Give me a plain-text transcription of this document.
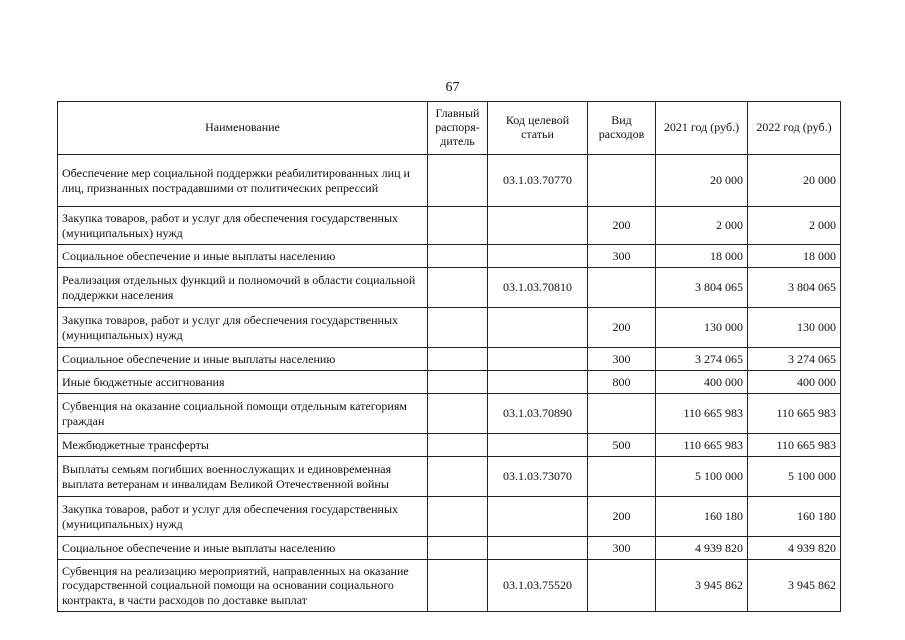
67
Наименование	Главный распоря-дитель	Код целевой статьи	Вид расходов	2021 год (руб.)	2022 год (руб.)
Обеспечение мер социальной поддержки реабилитированных лиц и лиц, признанных пострадавшими от политических репрессий		03.1.03.70770		20 000	20 000
Закупка товаров, работ и услуг для обеспечения государственных (муниципальных) нужд			200	2 000	2 000
Социальное обеспечение и иные выплаты населению			300	18 000	18 000
Реализация отдельных функций и полномочий в области социальной поддержки населения		03.1.03.70810		3 804 065	3 804 065
Закупка товаров, работ и услуг для обеспечения государственных (муниципальных) нужд			200	130 000	130 000
Социальное обеспечение и иные выплаты населению			300	3 274 065	3 274 065
Иные бюджетные ассигнования			800	400 000	400 000
Субвенция на оказание социальной помощи отдельным категориям граждан		03.1.03.70890		110 665 983	110 665 983
Межбюджетные трансферты			500	110 665 983	110 665 983
Выплаты семьям погибших военнослужащих и единовременная выплата ветеранам и инвалидам Великой Отечественной войны		03.1.03.73070		5 100 000	5 100 000
Закупка товаров, работ и услуг для обеспечения государственных (муниципальных) нужд			200	160 180	160 180
Социальное обеспечение и иные выплаты населению			300	4 939 820	4 939 820
Субвенция на реализацию мероприятий, направленных на оказание государственной социальной помощи на основании социального контракта, в части расходов по доставке выплат		03.1.03.75520		3 945 862	3 945 862
